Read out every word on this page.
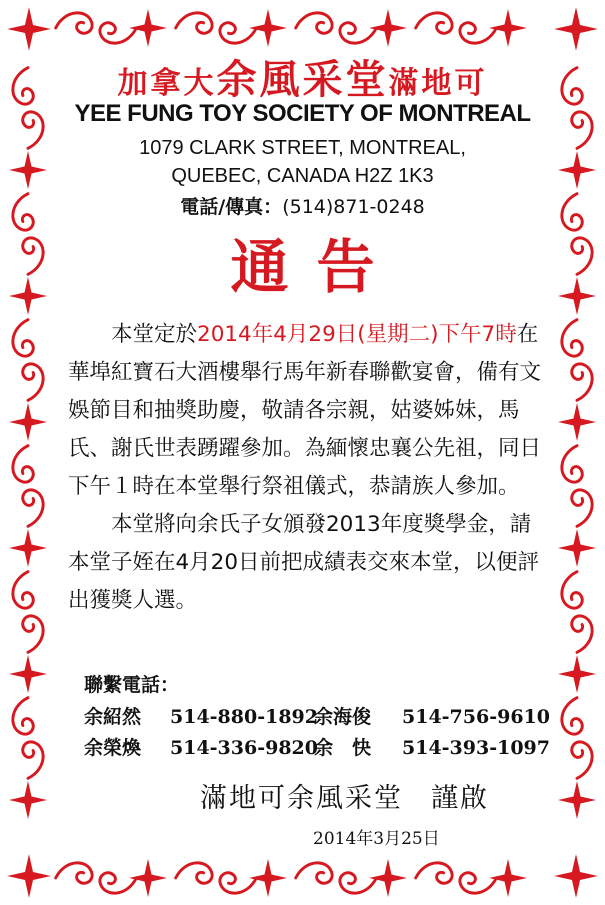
加拿大余風采堂滿地可
YEE FUNG TOY SOCIETY OF MONTREAL
1079 CLARK STREET, MONTREAL,
QUEBEC, CANADA H2Z 1K3
電話/傳真：(514)871-0248
通告

本堂定於2014年4月29日(星期二)下午7時在華埠紅寶石大酒樓舉行馬年新春聯歡宴會，備有文娛節目和抽獎助慶，敬請各宗親，姑婆姊妹，馬氏、謝氏世表踴躍參加。為緬懷忠襄公先祖，同日下午１時在本堂舉行祭祖儀式，恭請族人參加。

本堂將向余氏子女頒發2013年度獎學金，請本堂子姪在4月20日前把成績表交來本堂，以便評出獲獎人選。

聯繫電話：
余紹然 514-880-1892余海俊 514-756-9610
余榮煥 514-336-9820余　快 514-393-1097
滿地可余風采堂 謹啟
2014年3月25日
